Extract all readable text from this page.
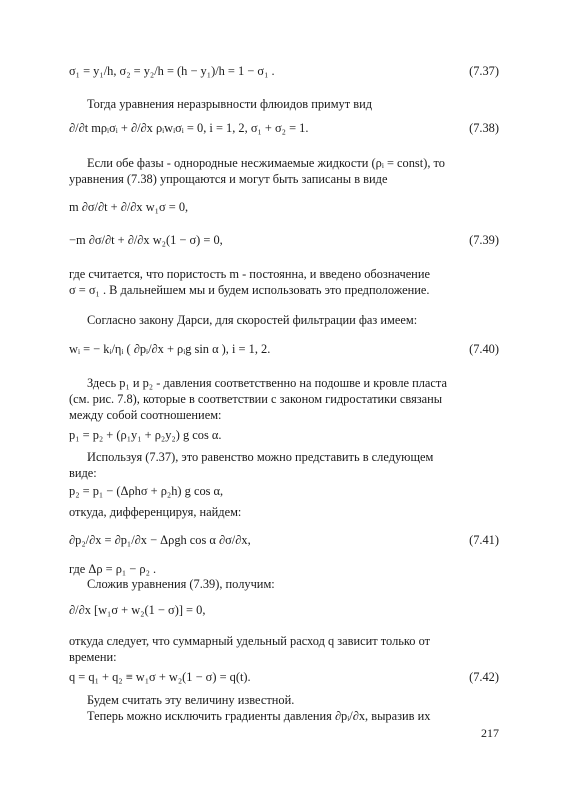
σ₁ = y₁/h, σ₂ = y₂/h = (h − y₁)/h = 1 − σ₁ .	(7.37)
Тогда уравнения неразрывности флюидов примут вид
∂/∂t mρᵢσᵢ + ∂/∂x ρᵢwᵢσᵢ = 0, i = 1, 2, σ₁ + σ₂ = 1.	(7.38)
Если обе фазы - однородные несжимаемые жидкости (ρᵢ = const), то
уравнения (7.38) упрощаются и могут быть записаны в виде
m ∂σ/∂t + ∂/∂x w₁σ = 0,
−m ∂σ/∂t + ∂/∂x w₂(1 − σ) = 0,	(7.39)
где считается, что пористость m - постоянна, и введено обозначение
σ = σ₁ . В дальнейшем мы и будем использовать это предположение.
Согласно закону Дарси, для скоростей фильтрации фаз имеем:
wᵢ = − kᵢ/ηᵢ ( ∂pᵢ/∂x + ρᵢg sin α ), i = 1, 2.	(7.40)
Здесь p₁ и p₂ - давления соответственно на подошве и кровле пласта
(см. рис. 7.8), которые в соответствии с законом гидростатики связаны
между собой соотношением:
p₁ = p₂ + (ρ₁y₁ + ρ₂y₂) g cos α.
Используя (7.37), это равенство можно представить в следующем
виде:
p₂ = p₁ − (Δρhσ + ρ₂h) g cos α,
откуда, дифференцируя, найдем:
∂p₂/∂x = ∂p₁/∂x − Δρgh cos α ∂σ/∂x,	(7.41)
где Δρ = ρ₁ − ρ₂ .
Сложив уравнения (7.39), получим:
∂/∂x [w₁σ + w₂(1 − σ)] = 0,
откуда следует, что суммарный удельный расход q зависит только от
времени:
q = q₁ + q₂ ≡ w₁σ + w₂(1 − σ) = q(t).	(7.42)
Будем считать эту величину известной.
Теперь можно исключить градиенты давления ∂pᵢ/∂x, выразив их
217
